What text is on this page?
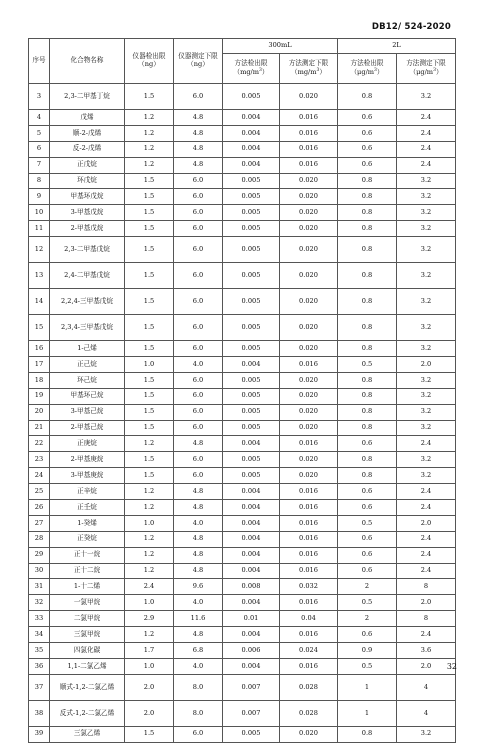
DB12/ 524-2020
序号	化合物名称	仪器检出限（ng）	仪器测定下限（ng）	300mL		2L	
				方法检出限$(mg/m^3)$	方法测定下限$(mg/m^3)$	方法检出限$(\mu g/m^3)$	方法测定下限$(\mu g/m^3)$
3	2,3-二甲基丁烷	1.5	6.0	0.005	0.020	0.8	3.2
4	戊烯	1.2	4.8	0.004	0.016	0.6	2.4
5	顺-2-戊烯	1.2	4.8	0.004	0.016	0.6	2.4
6	反-2-戊烯	1.2	4.8	0.004	0.016	0.6	2.4
7	正戊烷	1.2	4.8	0.004	0.016	0.6	2.4
8	环戊烷	1.5	6.0	0.005	0.020	0.8	3.2
9	甲基环戊烷	1.5	6.0	0.005	0.020	0.8	3.2
10	3-甲基戊烷	1.5	6.0	0.005	0.020	0.8	3.2
11	2-甲基戊烷	1.5	6.0	0.005	0.020	0.8	3.2
12	2,3-二甲基戊烷	1.5	6.0	0.005	0.020	0.8	3.2
13	2,4-二甲基戊烷	1.5	6.0	0.005	0.020	0.8	3.2
14	2,2,4-三甲基戊烷	1.5	6.0	0.005	0.020	0.8	3.2
15	2,3,4-三甲基戊烷	1.5	6.0	0.005	0.020	0.8	3.2
16	1-己烯	1.5	6.0	0.005	0.020	0.8	3.2
17	正己烷	1.0	4.0	0.004	0.016	0.5	2.0
18	环己烷	1.5	6.0	0.005	0.020	0.8	3.2
19	甲基环己烷	1.5	6.0	0.005	0.020	0.8	3.2
20	3-甲基己烷	1.5	6.0	0.005	0.020	0.8	3.2
21	2-甲基己烷	1.5	6.0	0.005	0.020	0.8	3.2
22	正庚烷	1.2	4.8	0.004	0.016	0.6	2.4
23	2-甲基庚烷	1.5	6.0	0.005	0.020	0.8	3.2
24	3-甲基庚烷	1.5	6.0	0.005	0.020	0.8	3.2
25	正辛烷	1.2	4.8	0.004	0.016	0.6	2.4
26	正壬烷	1.2	4.8	0.004	0.016	0.6	2.4
27	1-癸烯	1.0	4.0	0.004	0.016	0.5	2.0
28	正癸烷	1.2	4.8	0.004	0.016	0.6	2.4
29	正十一烷	1.2	4.8	0.004	0.016	0.6	2.4
30	正十二烷	1.2	4.8	0.004	0.016	0.6	2.4
31	1-十二烯	2.4	9.6	0.008	0.032	2	8
32	一氯甲烷	1.0	4.0	0.004	0.016	0.5	2.0
33	二氯甲烷	2.9	11.6	0.01	0.04	2	8
34	三氯甲烷	1.2	4.8	0.004	0.016	0.6	2.4
35	四氯化碳	1.7	6.8	0.006	0.024	0.9	3.6
36	1,1-二氯乙烯	1.0	4.0	0.004	0.016	0.5	2.0
37	顺式-1,2-二氯乙烯	2.0	8.0	0.007	0.028	1	4
38	反式-1,2-二氯乙烯	2.0	8.0	0.007	0.028	1	4
39	三氯乙烯	1.5	6.0	0.005	0.020	0.8	3.2
32
